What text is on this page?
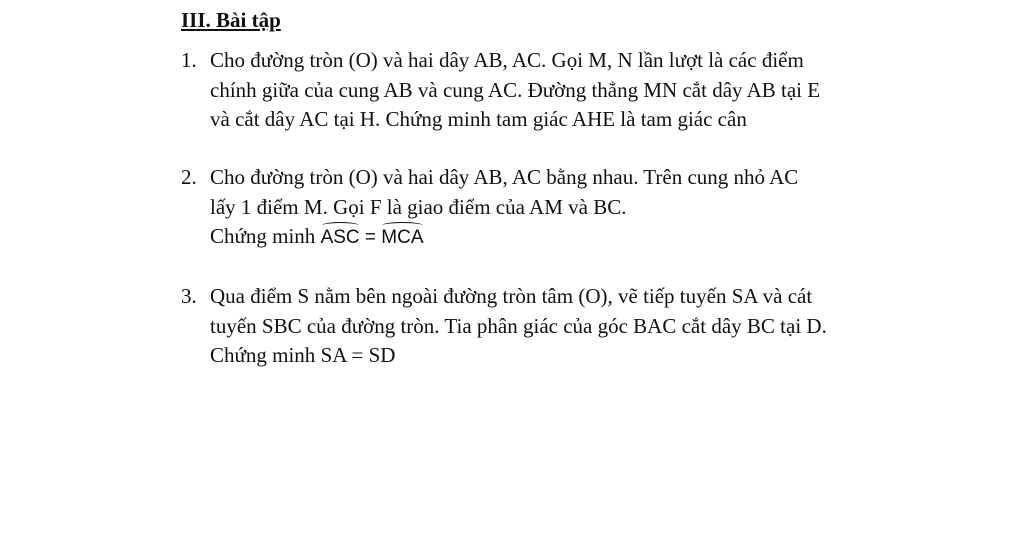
III. Bài tập
1. Cho đường tròn (O) và hai dây AB, AC. Gọi M, N lần lượt là các điểm
chính giữa của cung AB và cung AC. Đường thẳng MN cắt dây AB tại E
và cắt dây AC tại H. Chứng minh tam giác AHE là tam giác cân
2. Cho đường tròn (O) và hai dây AB, AC bằng nhau. Trên cung nhỏ AC
lấy 1 điểm M. Gọi F là giao điểm của AM và BC.
Chứng minh ASC = MCA
3. Qua điểm S nằm bên ngoài đường tròn tâm (O), vẽ tiếp tuyến SA và cát
tuyến SBC của đường tròn. Tia phân giác của góc BAC cắt dây BC tại D.
Chứng minh SA = SD
